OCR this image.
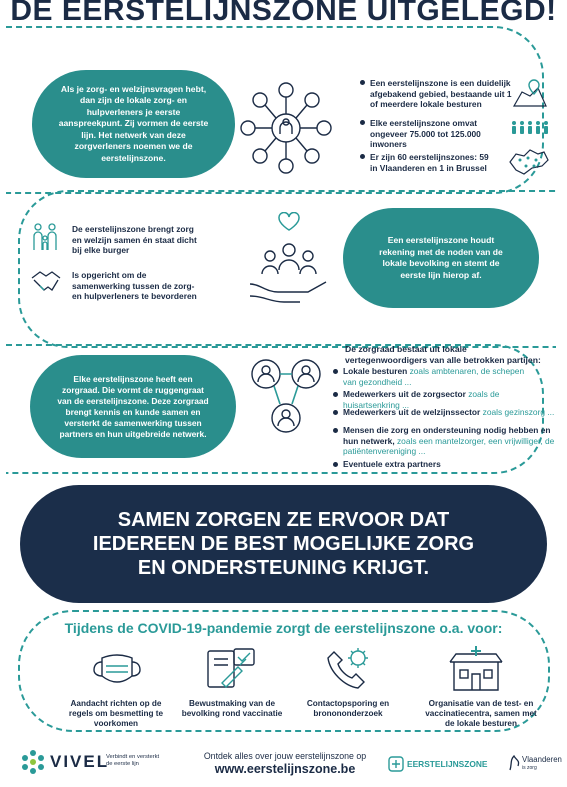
DE EERSTELIJNSZONE UITGELEGD!
Als je zorg- en welzijnsvragen hebt, dan zijn de lokale zorg- en hulpverleners je eerste aanspreekpunt. Zij vormen de eerste lijn. Het netwerk van deze zorgverleners noemen we de eerstelijnszone.
Een eerstelijnszone is een duidelijk afgebakend gebied, bestaande uit 1 of meerdere lokale besturen
Elke eerstelijnszone omvat ongeveer 75.000 tot 125.000 inwoners
Er zijn 60 eerstelijnszones: 59 in Vlaanderen en 1 in Brussel
De eerstelijnszone brengt zorg en welzijn samen én staat dicht bij elke burger
Is opgericht om de samenwerking tussen de zorg- en hulpverleners te bevorderen
Een eerstelijnszone houdt rekening met de noden van de lokale bevolking en stemt de eerste lijn hierop af.
Elke eerstelijnszone heeft een zorgraad. Die vormt de ruggengraat van de eerstelijnszone. Deze zorgraad brengt kennis en kunde samen en versterkt de samenwerking tussen partners en hun uitgebreide netwerk.
De zorgraad bestaat uit lokale vertegenwoordigers van alle betrokken partijen:
Lokale besturen zoals ambtenaren, de schepen van gezondheid ...
Medewerkers uit de zorgsector zoals de huisartsenkring ...
Medewerkers uit de welzijnssector zoals gezinszorg ...
Mensen die zorg en ondersteuning nodig hebben en hun netwerk, zoals een mantelzorger, een vrijwilliger, de patiëntenvereniging ...
Eventuele extra partners
SAMEN ZORGEN ZE ERVOOR DAT IEDEREEN DE BEST MOGELIJKE ZORG EN ONDERSTEUNING KRIJGT.
Tijdens de COVID-19-pandemie zorgt de eerstelijnszone o.a. voor:
Aandacht richten op de regels om besmetting te voorkomen
Bewustmaking van de bevolking rond vaccinatie
Contactopsporing en bronononderzoek
Organisatie van de test- en vaccinatiecentra, samen met de lokale besturen
VIVEL
Verbindt en versterkt de eerste lijn
Ontdek alles over jouw eerstelijnszone op
www.eerstelijnszone.be	EERSTELIJNSZONE	Vlaanderen
is zorg
